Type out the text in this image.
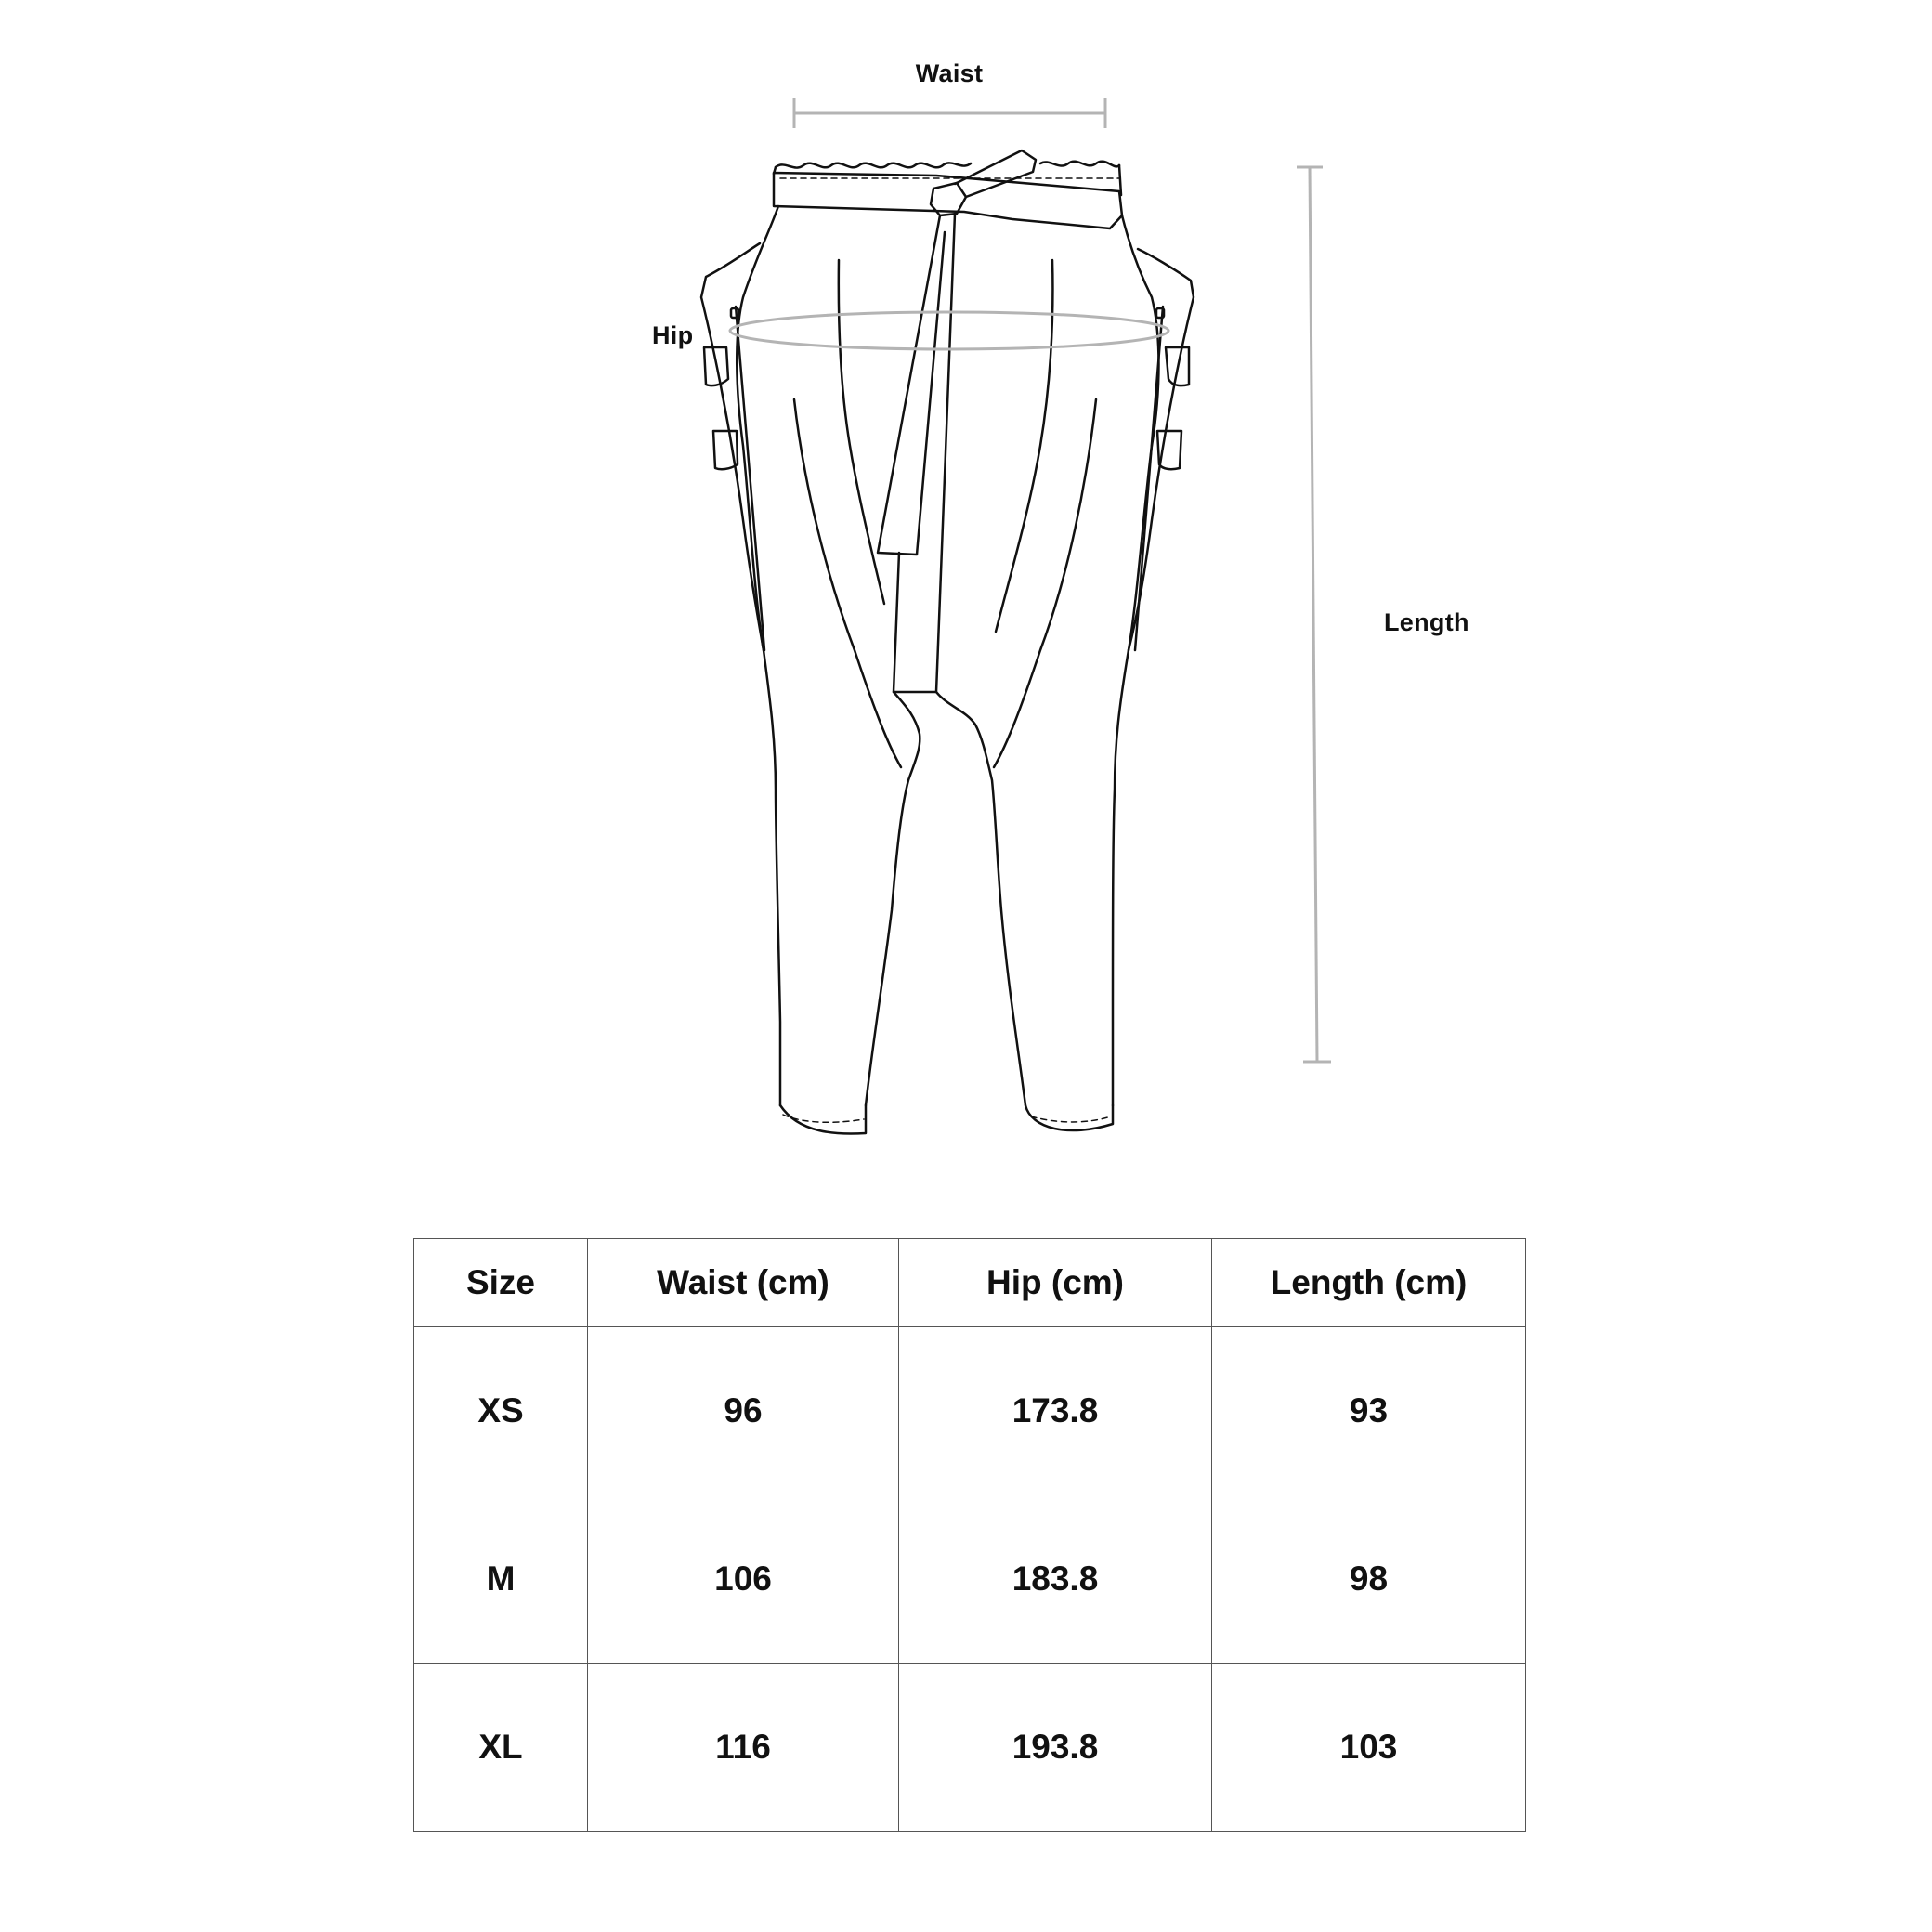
Waist
Hip
Length
Size	Waist (cm)	Hip (cm)	Length (cm)
XS	96	173.8	93
M	106	183.8	98
XL	116	193.8	103
